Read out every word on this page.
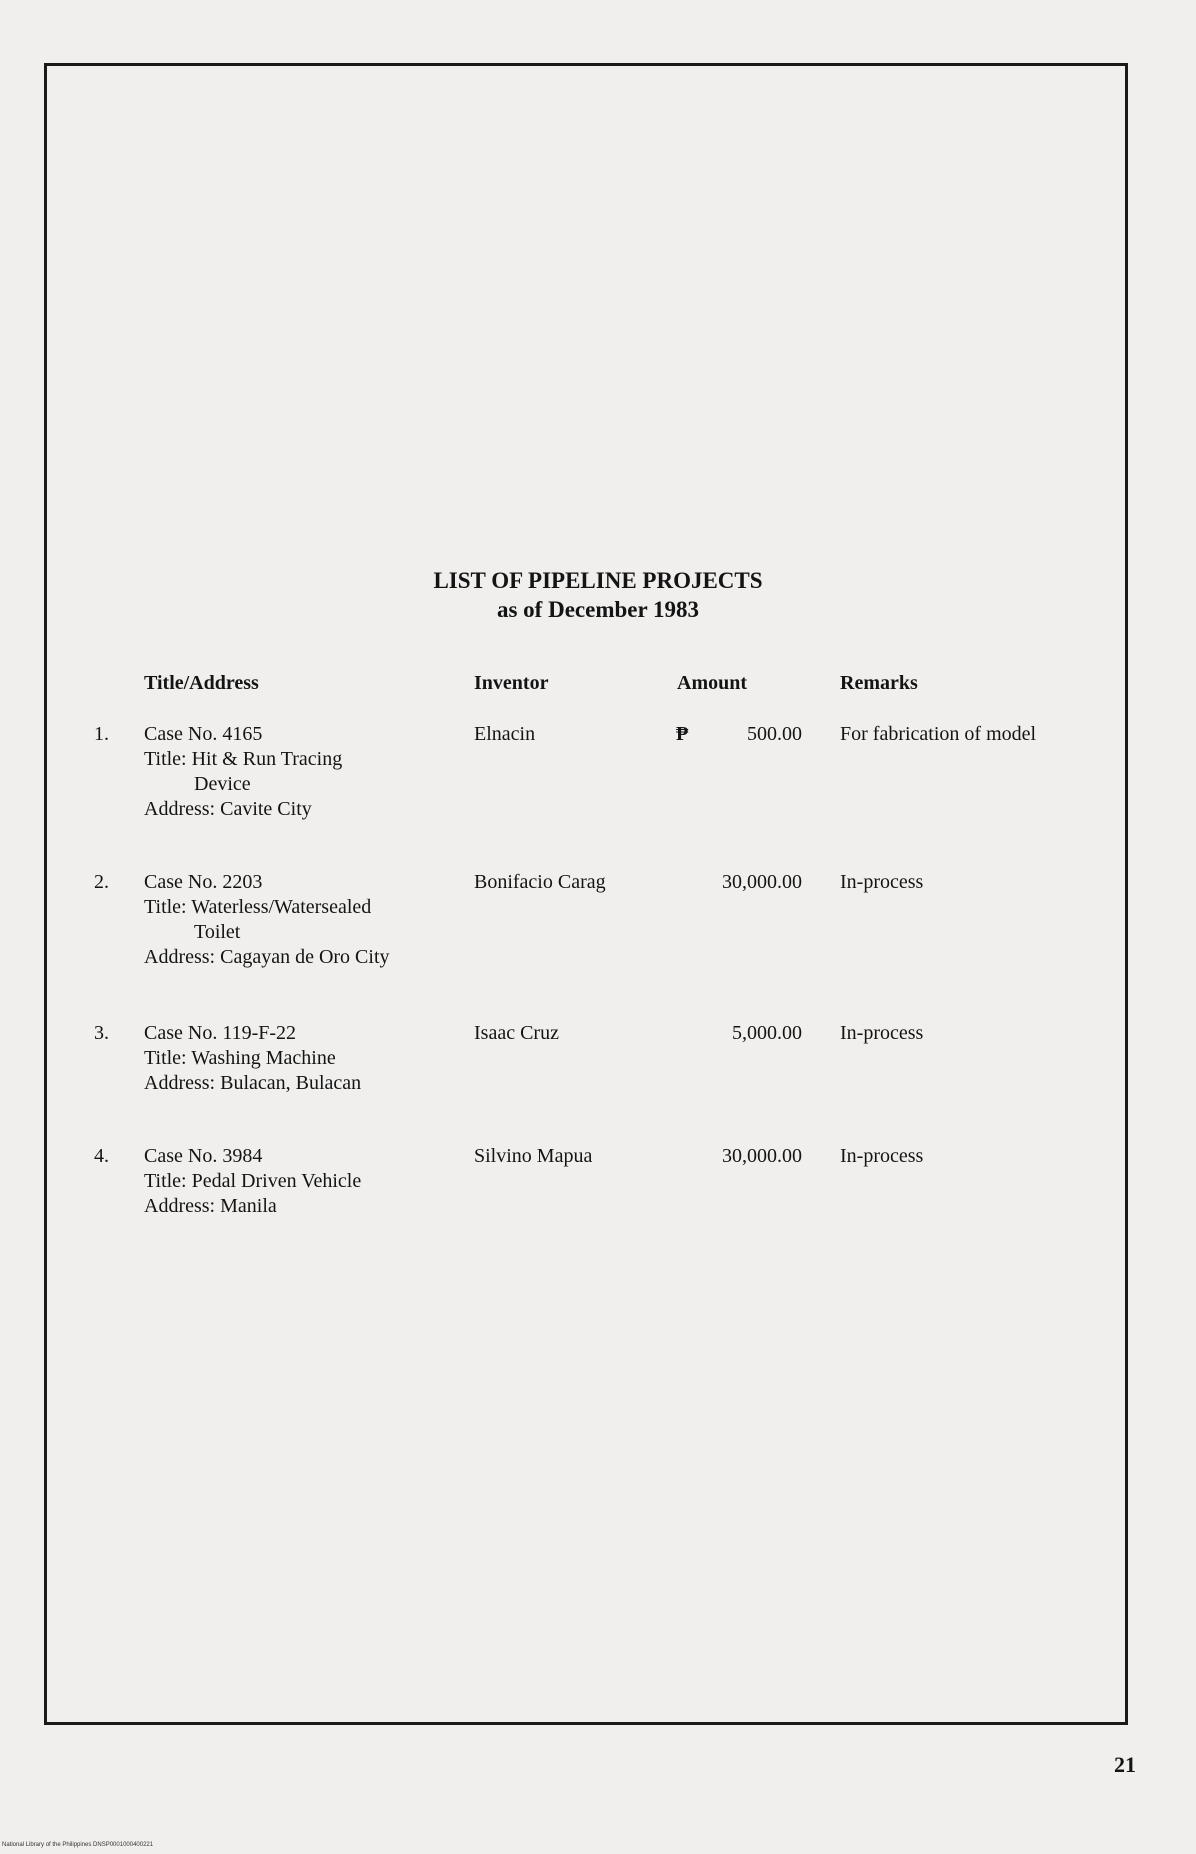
LIST OF PIPELINE PROJECTS
as of December 1983
Title/Address	Inventor	Amount	Remarks
1. Case No. 4165
Title: Hit & Run Tracing
Device
Address: Cavite City
Elnacin	₱	500.00 For fabrication of model
2. Case No. 2203
Title: Waterless/Watersealed
Toilet
Address: Cagayan de Oro City
Bonifacio Carag	30,000.00 In-process
3. Case No. 119-F-22
Title: Washing Machine
Address: Bulacan, Bulacan
Isaac Cruz	5,000.00 In-process
4. Case No. 3984
Title: Pedal Driven Vehicle
Address: Manila
Silvino Mapua	30,000.00 In-process
21
National Library of the Philippines DNSP0001000400221
